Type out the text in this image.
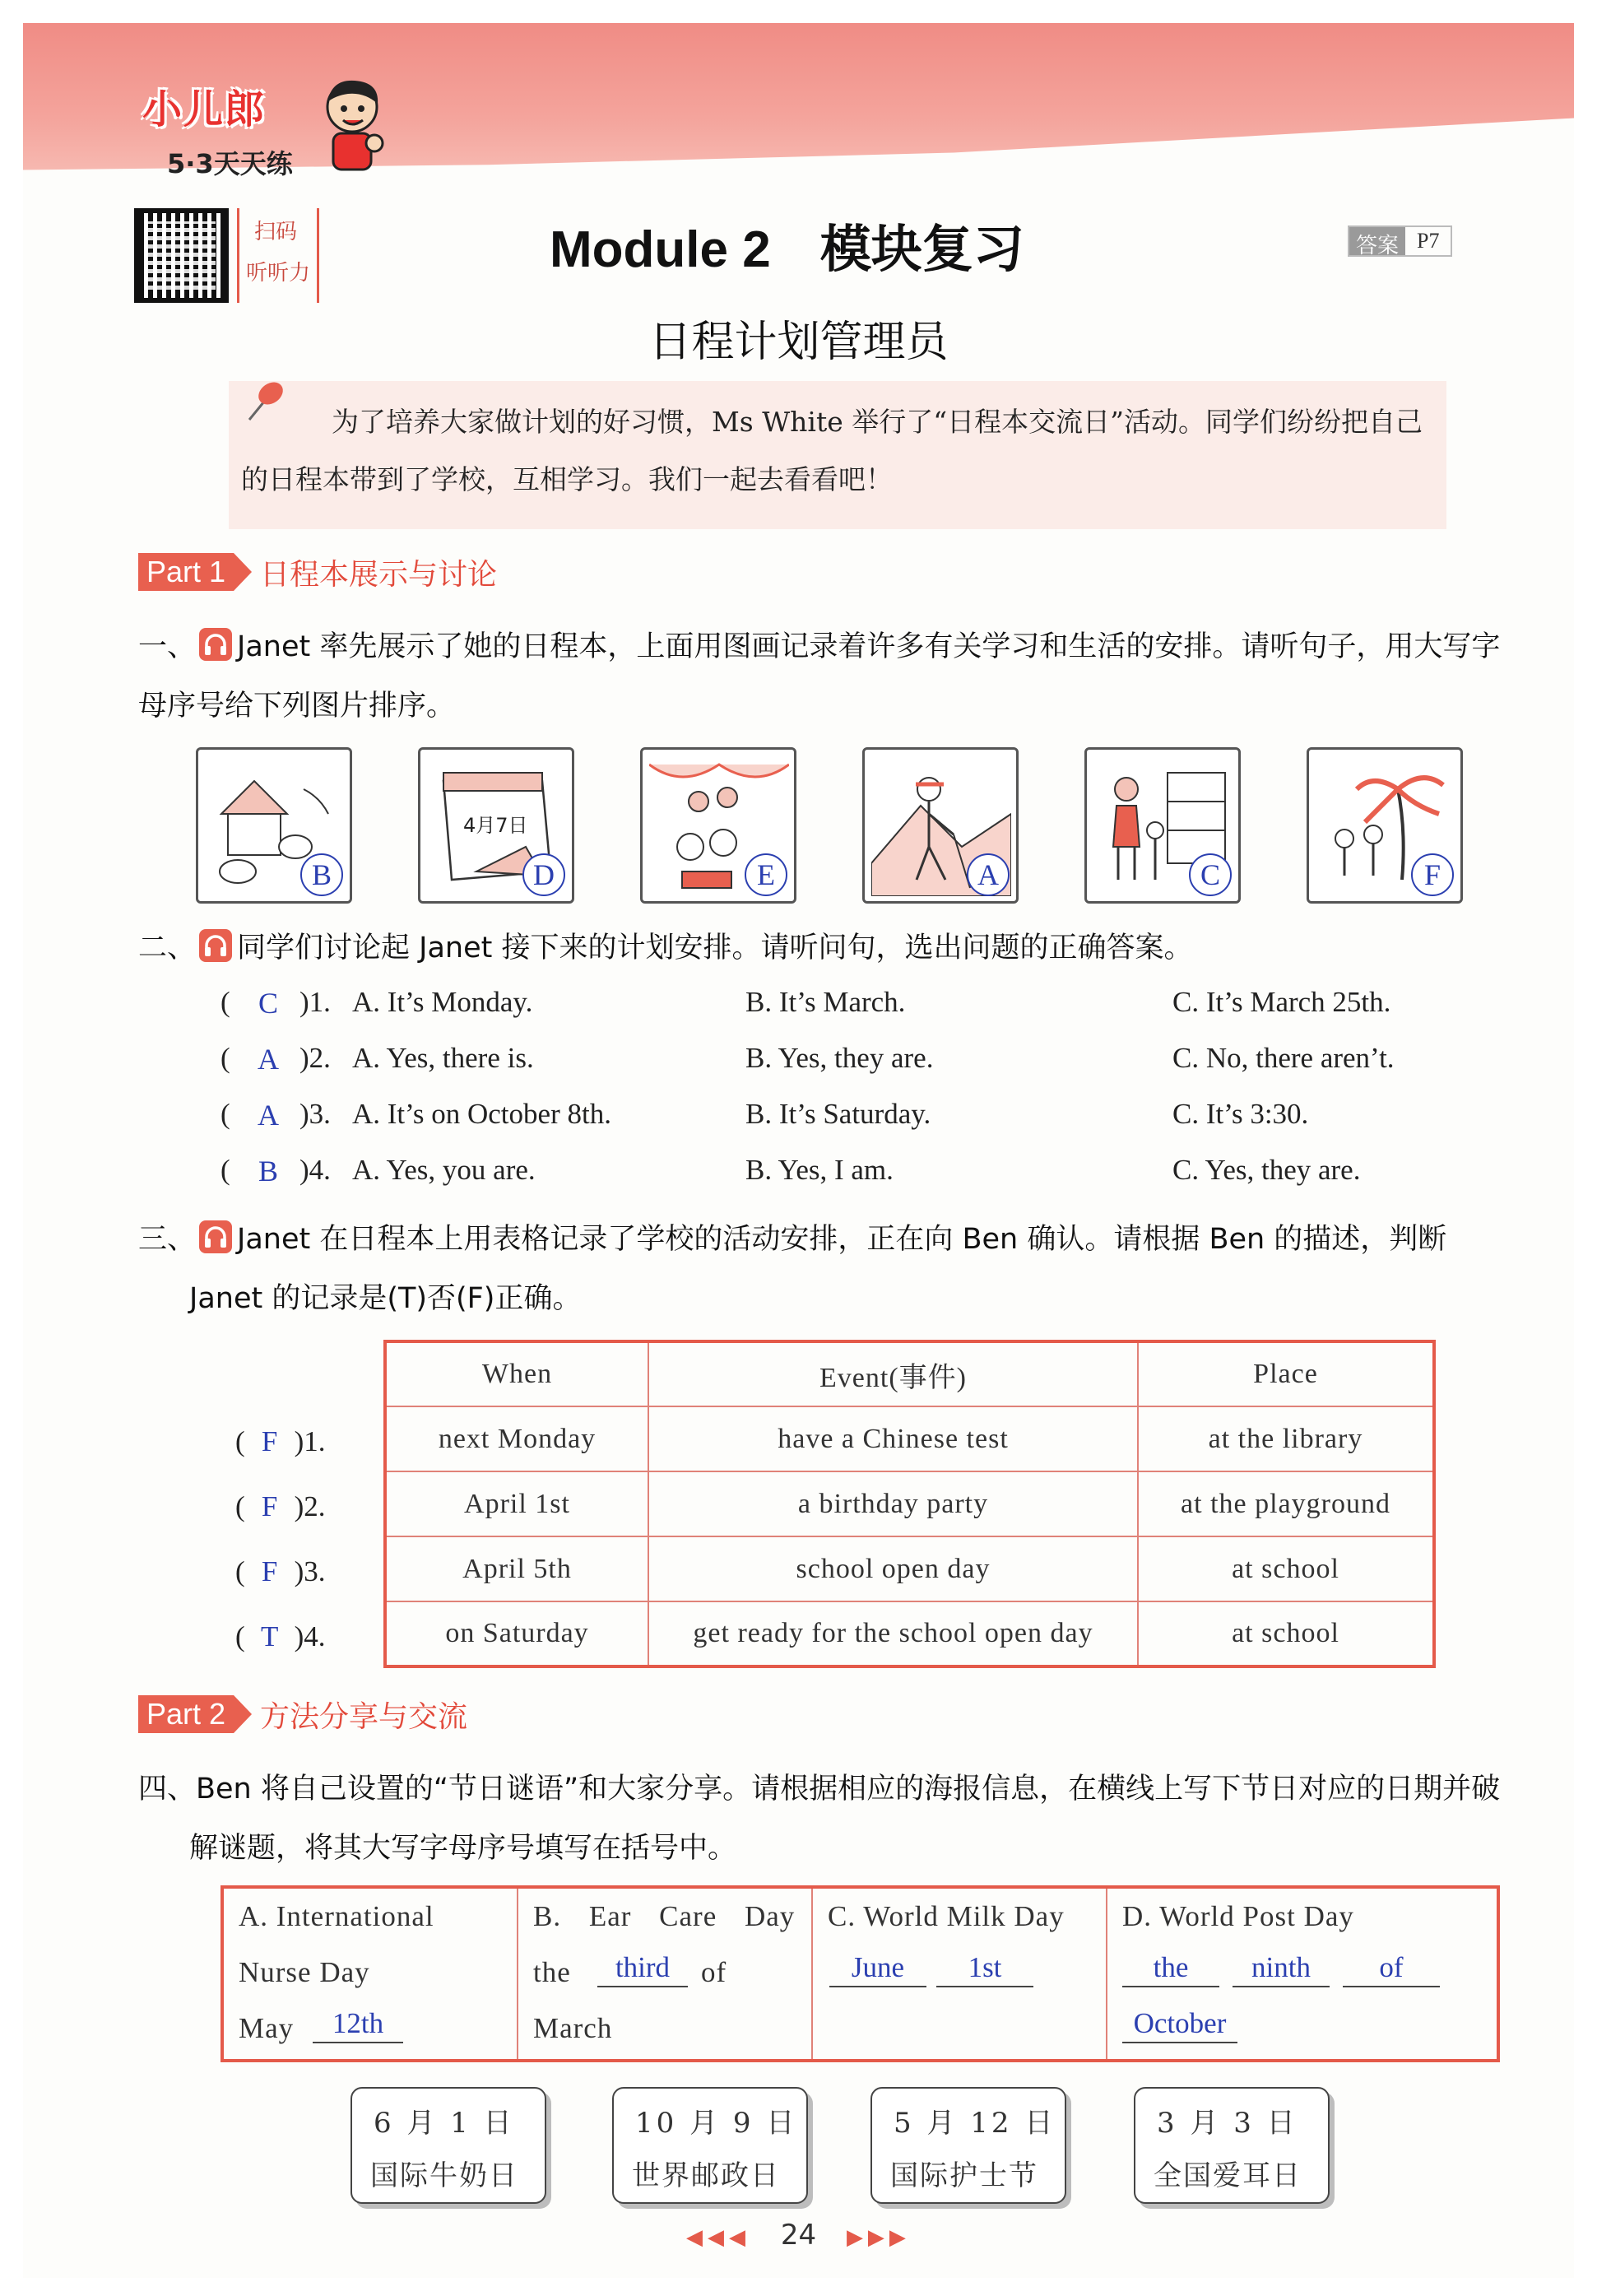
小儿郎
5·3天天练
扫码
听听力	Module 2 模块复习	答案 P7
日程计划管理员
为了培养大家做计划的好习惯，Ms White 举行了“日程本交流日”活动。同学们纷纷把自己的日程本带到了学校，互相学习。我们一起去看看吧！
Part 1 日程本展示与讨论
一、 Janet 率先展示了她的日程本，上面用图画记录着许多有关学习和生活的安排。请听句子，用大写字母序号给下列图片排序。
B
4月7日
D	E	A	C	F
二、 同学们讨论起 Janet 接下来的计划安排。请听问句，选出问题的正确答案。
( C )1. A. It’s Monday.	B. It’s March.	C. It’s March 25th.
( A )2. A. Yes, there is.	B. Yes, they are.	C. No, there aren’t.
( A )3. A. It’s on October 8th.	B. It’s Saturday.	C. It’s 3:30.
( B )4. A. Yes, you are.	B. Yes, I am.	C. Yes, they are.
三、 Janet 在日程本上用表格记录了学校的活动安排，正在向 Ben 确认。请根据 Ben 的描述，判断 Janet 的记录是(T)否(F)正确。
When	Event(事件)	Place
next Monday	have a Chinese test	at the library
April 1st	a birthday party	at the playground
April 5th	school open day	at school
on Saturday	get ready for the school open day	at school
( F )1.
( F )2.
( F )3.
( T )4.
Part 2 方法分享与交流
四、Ben 将自己设置的“节日谜语”和大家分享。请根据相应的海报信息，在横线上写下节日对应的日期并破解谜题，将其大写字母序号填写在括号中。
A. International
Nurse Day
May	12th
B. Ear Care Day
the	third	of
March
C. World Milk Day
June	1st
D. World Post Day
the	ninth	of
October
6 月 1 日
国际牛奶日
10 月 9 日
世界邮政日
5 月 12 日
国际护士节
3 月 3 日
全国爱耳日
◀◀◀ 24 ▶▶▶
